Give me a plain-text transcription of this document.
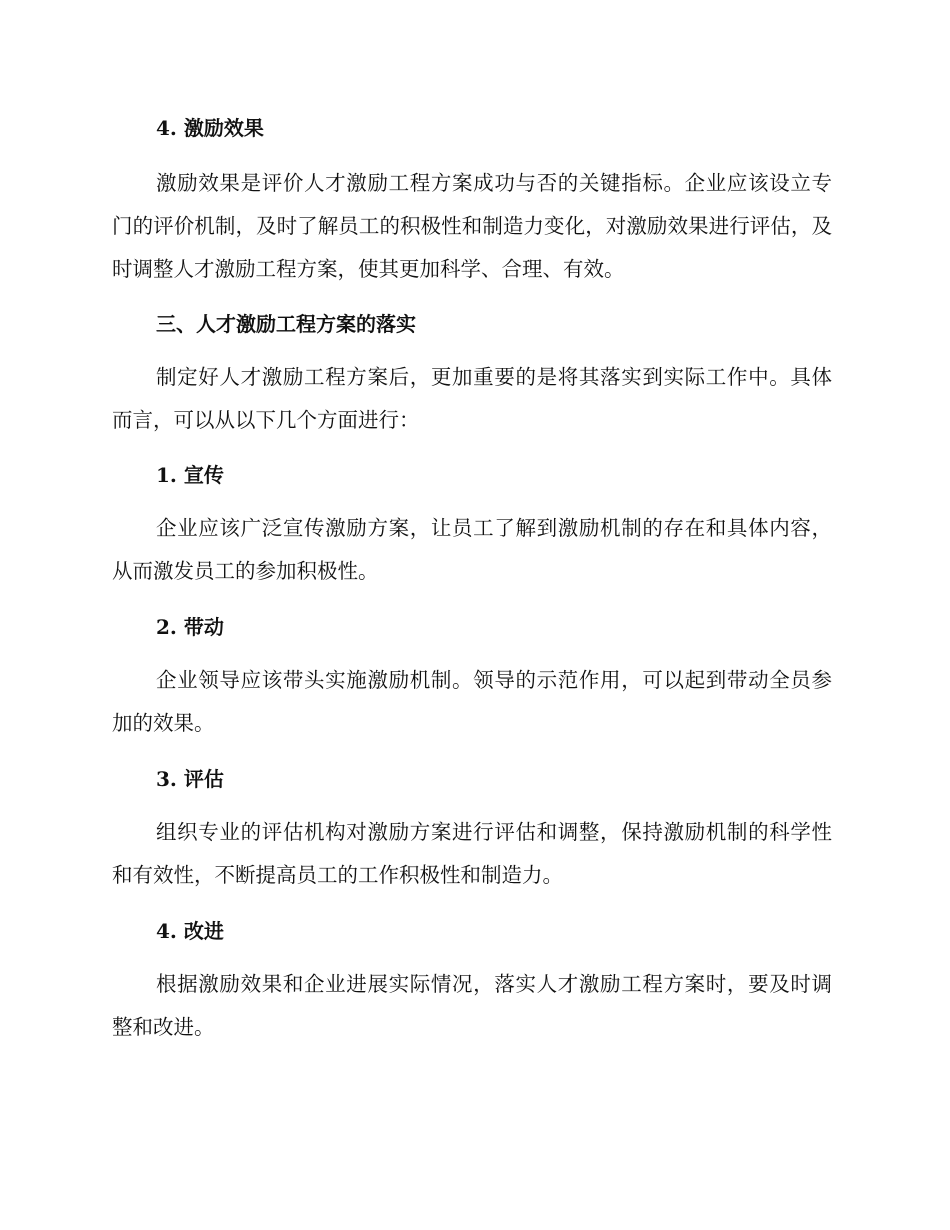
4. 激励效果

激励效果是评价人才激励工程方案成功与否的关键指标。企业应该设立专门的评价机制，及时了解员工的积极性和制造力变化，对激励效果进行评估，及时调整人才激励工程方案，使其更加科学、合理、有效。

三、人才激励工程方案的落实

制定好人才激励工程方案后，更加重要的是将其落实到实际工作中。具体而言，可以从以下几个方面进行：

1. 宣传

企业应该广泛宣传激励方案，让员工了解到激励机制的存在和具体内容，从而激发员工的参加积极性。

2. 带动

企业领导应该带头实施激励机制。领导的示范作用，可以起到带动全员参加的效果。

3. 评估

组织专业的评估机构对激励方案进行评估和调整，保持激励机制的科学性和有效性，不断提高员工的工作积极性和制造力。

4. 改进

根据激励效果和企业进展实际情况，落实人才激励工程方案时，要及时调整和改进。
